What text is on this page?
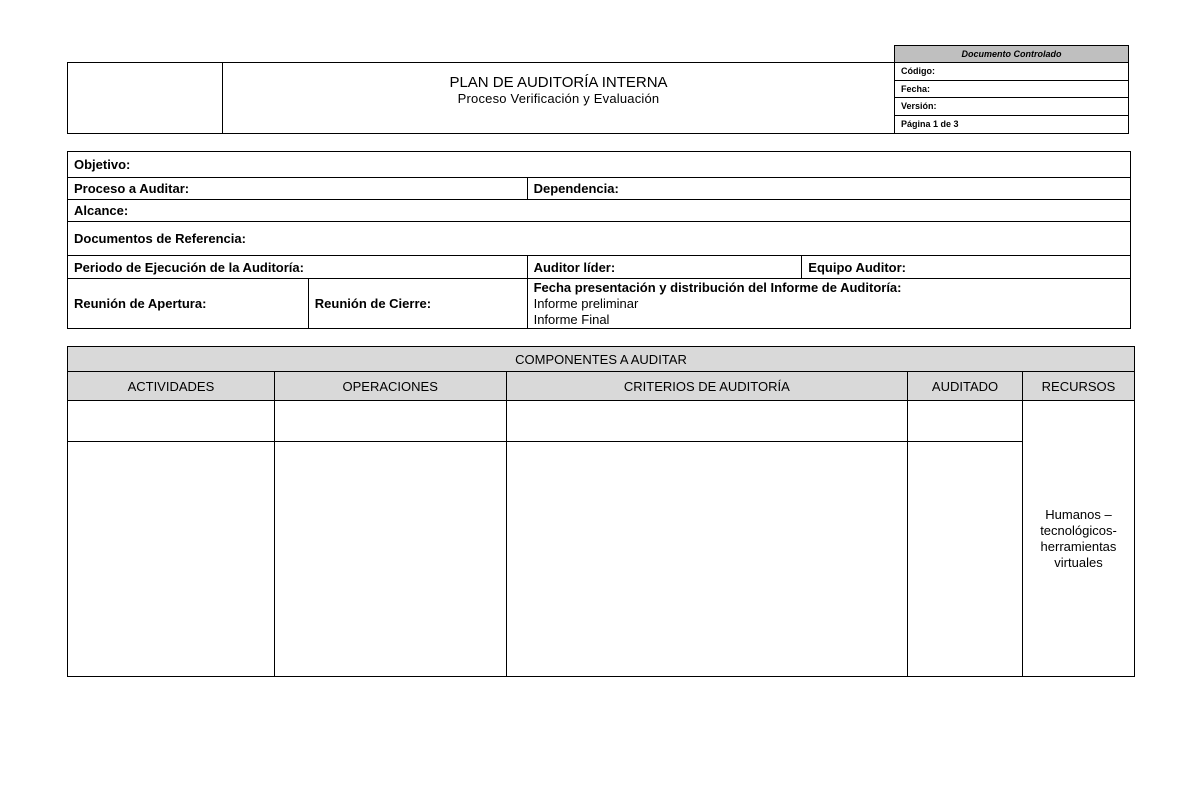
PLAN DE AUDITORÍA INTERNA
Proceso Verificación y Evaluación
Documento Controlado
Código:
Fecha:
Versión:
Página 1 de 3
Objetivo:			
Proceso a Auditar:		Dependencia:	
Alcance:			
Documentos de Referencia:			
Periodo de Ejecución de la Auditoría:		Auditor líder:	Equipo Auditor:
Reunión de Apertura:	Reunión de Cierre:	Fecha presentación y distribución del Informe de Auditoría:
Informe preliminar
Informe Final	
COMPONENTES A AUDITAR				
ACTIVIDADES	OPERACIONES	CRITERIOS DE AUDITORÍA	AUDITADO	RECURSOS

				Humanos – tecnológicos- herramientas virtuales
